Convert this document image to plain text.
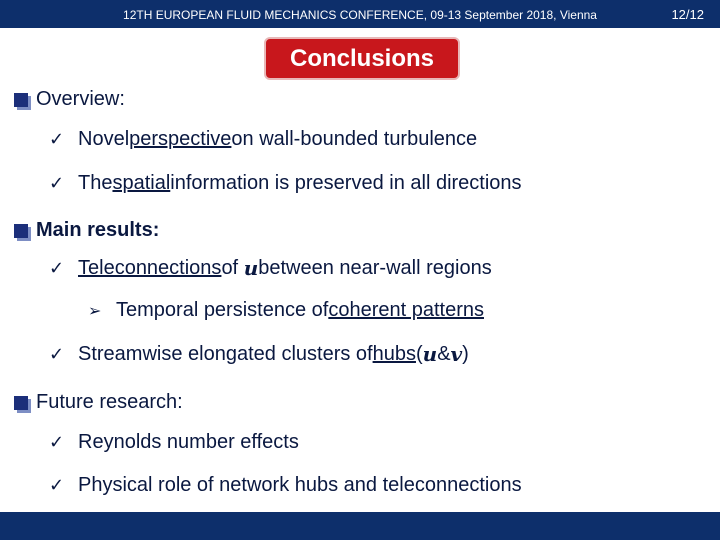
12TH EUROPEAN FLUID MECHANICS CONFERENCE, 09-13 September 2018, Vienna	12/12
Conclusions
Overview:
✓ Novel perspective on wall-bounded turbulence
✓ The spatial information is preserved in all directions
Main results:
✓ Teleconnections of
u between near-wall regions
➢ Temporal persistence of coherent patterns
✓ Streamwise elongated clusters of hubs ( u & v )
Future research:
✓ Reynolds number effects
✓ Physical role of network hubs and teleconnections
